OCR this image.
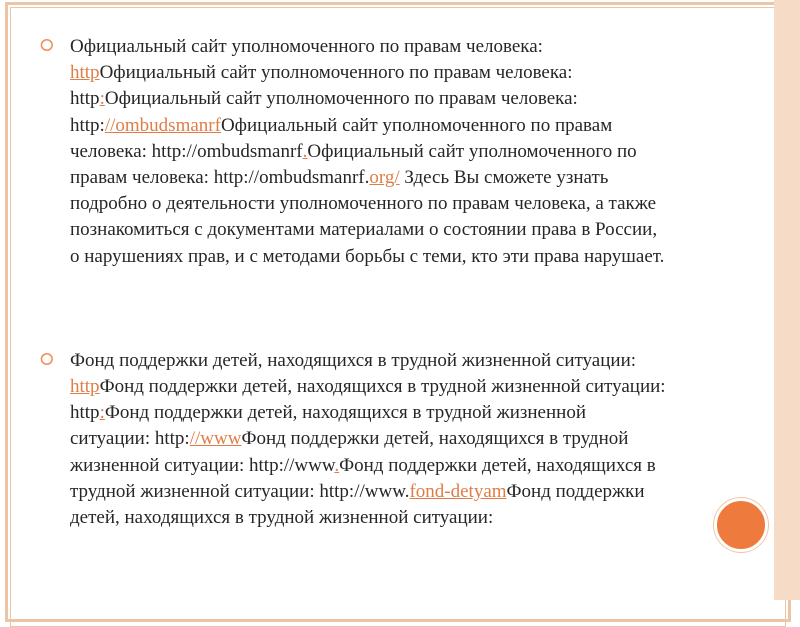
⭘ Официальный сайт уполномоченного по правам человека: httpОфициальный сайт уполномоченного по правам человека: http:Официальный сайт уполномоченного по правам человека: http://ombudsmanrfОфициальный сайт уполномоченного по правам человека: http://ombudsmanrf.Официальный сайт уполномоченного по правам человека: http://ombudsmanrf.org/ Здесь Вы сможете узнать подробно о деятельности уполномоченного по правам человека, а также познакомиться с документами материалами о состоянии права в России, о нарушениях прав, и с методами борьбы с теми, кто эти права нарушает.

⭘ Фонд поддержки детей, находящихся в трудной жизненной ситуации: httpФонд поддержки детей, находящихся в трудной жизненной ситуации: http:Фонд поддержки детей, находящихся в трудной жизненной ситуации: http://wwwФонд поддержки детей, находящихся в трудной жизненной ситуации: http://www.Фонд поддержки детей, находящихся в трудной жизненной ситуации: http://www.fond-detyamФонд поддержки детей, находящихся в трудной жизненной ситуации:
